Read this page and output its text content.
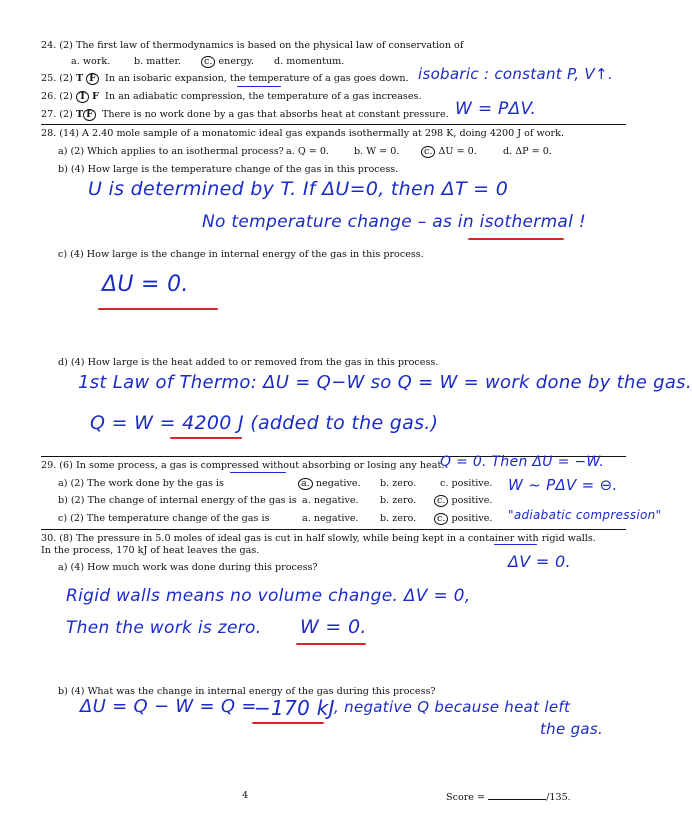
24. (2) The first law of thermodynamics is based on the physical law of conservation of
a. work. b. matter.	c. energy. d. momentum.
25. (2) T F In an isobaric expansion, the temperature of a gas goes down. isobaric : constant P, V↑.
26. (2) T F In an adiabatic compression, the temperature of a gas increases.
27. (2) T F There is no work done by a gas that absorbs heat at constant pressure. W = PΔV.
28. (14) A 2.40 mole sample of a monatomic ideal gas expands isothermally at 298 K, doing 4200 J of work.
a) (2) Which applies to an isothermal process? a. Q = 0.	b. W = 0.	c. ΔU = 0.	d. ΔP = 0.
b) (4) How large is the temperature change of the gas in this process.
U is determined by T. If ΔU=0, then ΔT = 0
No temperature change – as in isothermal !
c) (4) How large is the change in internal energy of the gas in this process.
ΔU = 0.
d) (4) How large is the heat added to or removed from the gas in this process.
1st Law of Thermo: ΔU = Q−W so Q = W = work done by the gas.
Q = W = 4200 J (added to the gas.)
29. (6) In some process, a gas is compressed without absorbing or losing any heat.
Q = 0. Then ΔU = −W.
a) (2) The work done by the gas is	a. negative. b. zero. c. positive.
b) (2) The change of internal energy of the gas is a. negative. b. zero.	c. positive.
W ~ PΔV = ⊖.
c) (2) The temperature change of the gas is	a. negative. b. zero.	c. positive. "adiabatic compression"
30. (8) The pressure in 5.0 moles of ideal gas is cut in half slowly, while being kept in a container with rigid walls.
In the process, 170 kJ of heat leaves the gas.
ΔV = 0.
a) (4) How much work was done during this process?
Rigid walls means no volume change. ΔV = 0,
Then the work is zero. W = 0.
b) (4) What was the change in internal energy of the gas during this process?
ΔU = Q − W = Q =
−170 kJ , negative Q because heat left
the gas.
4	Score =	/135.
